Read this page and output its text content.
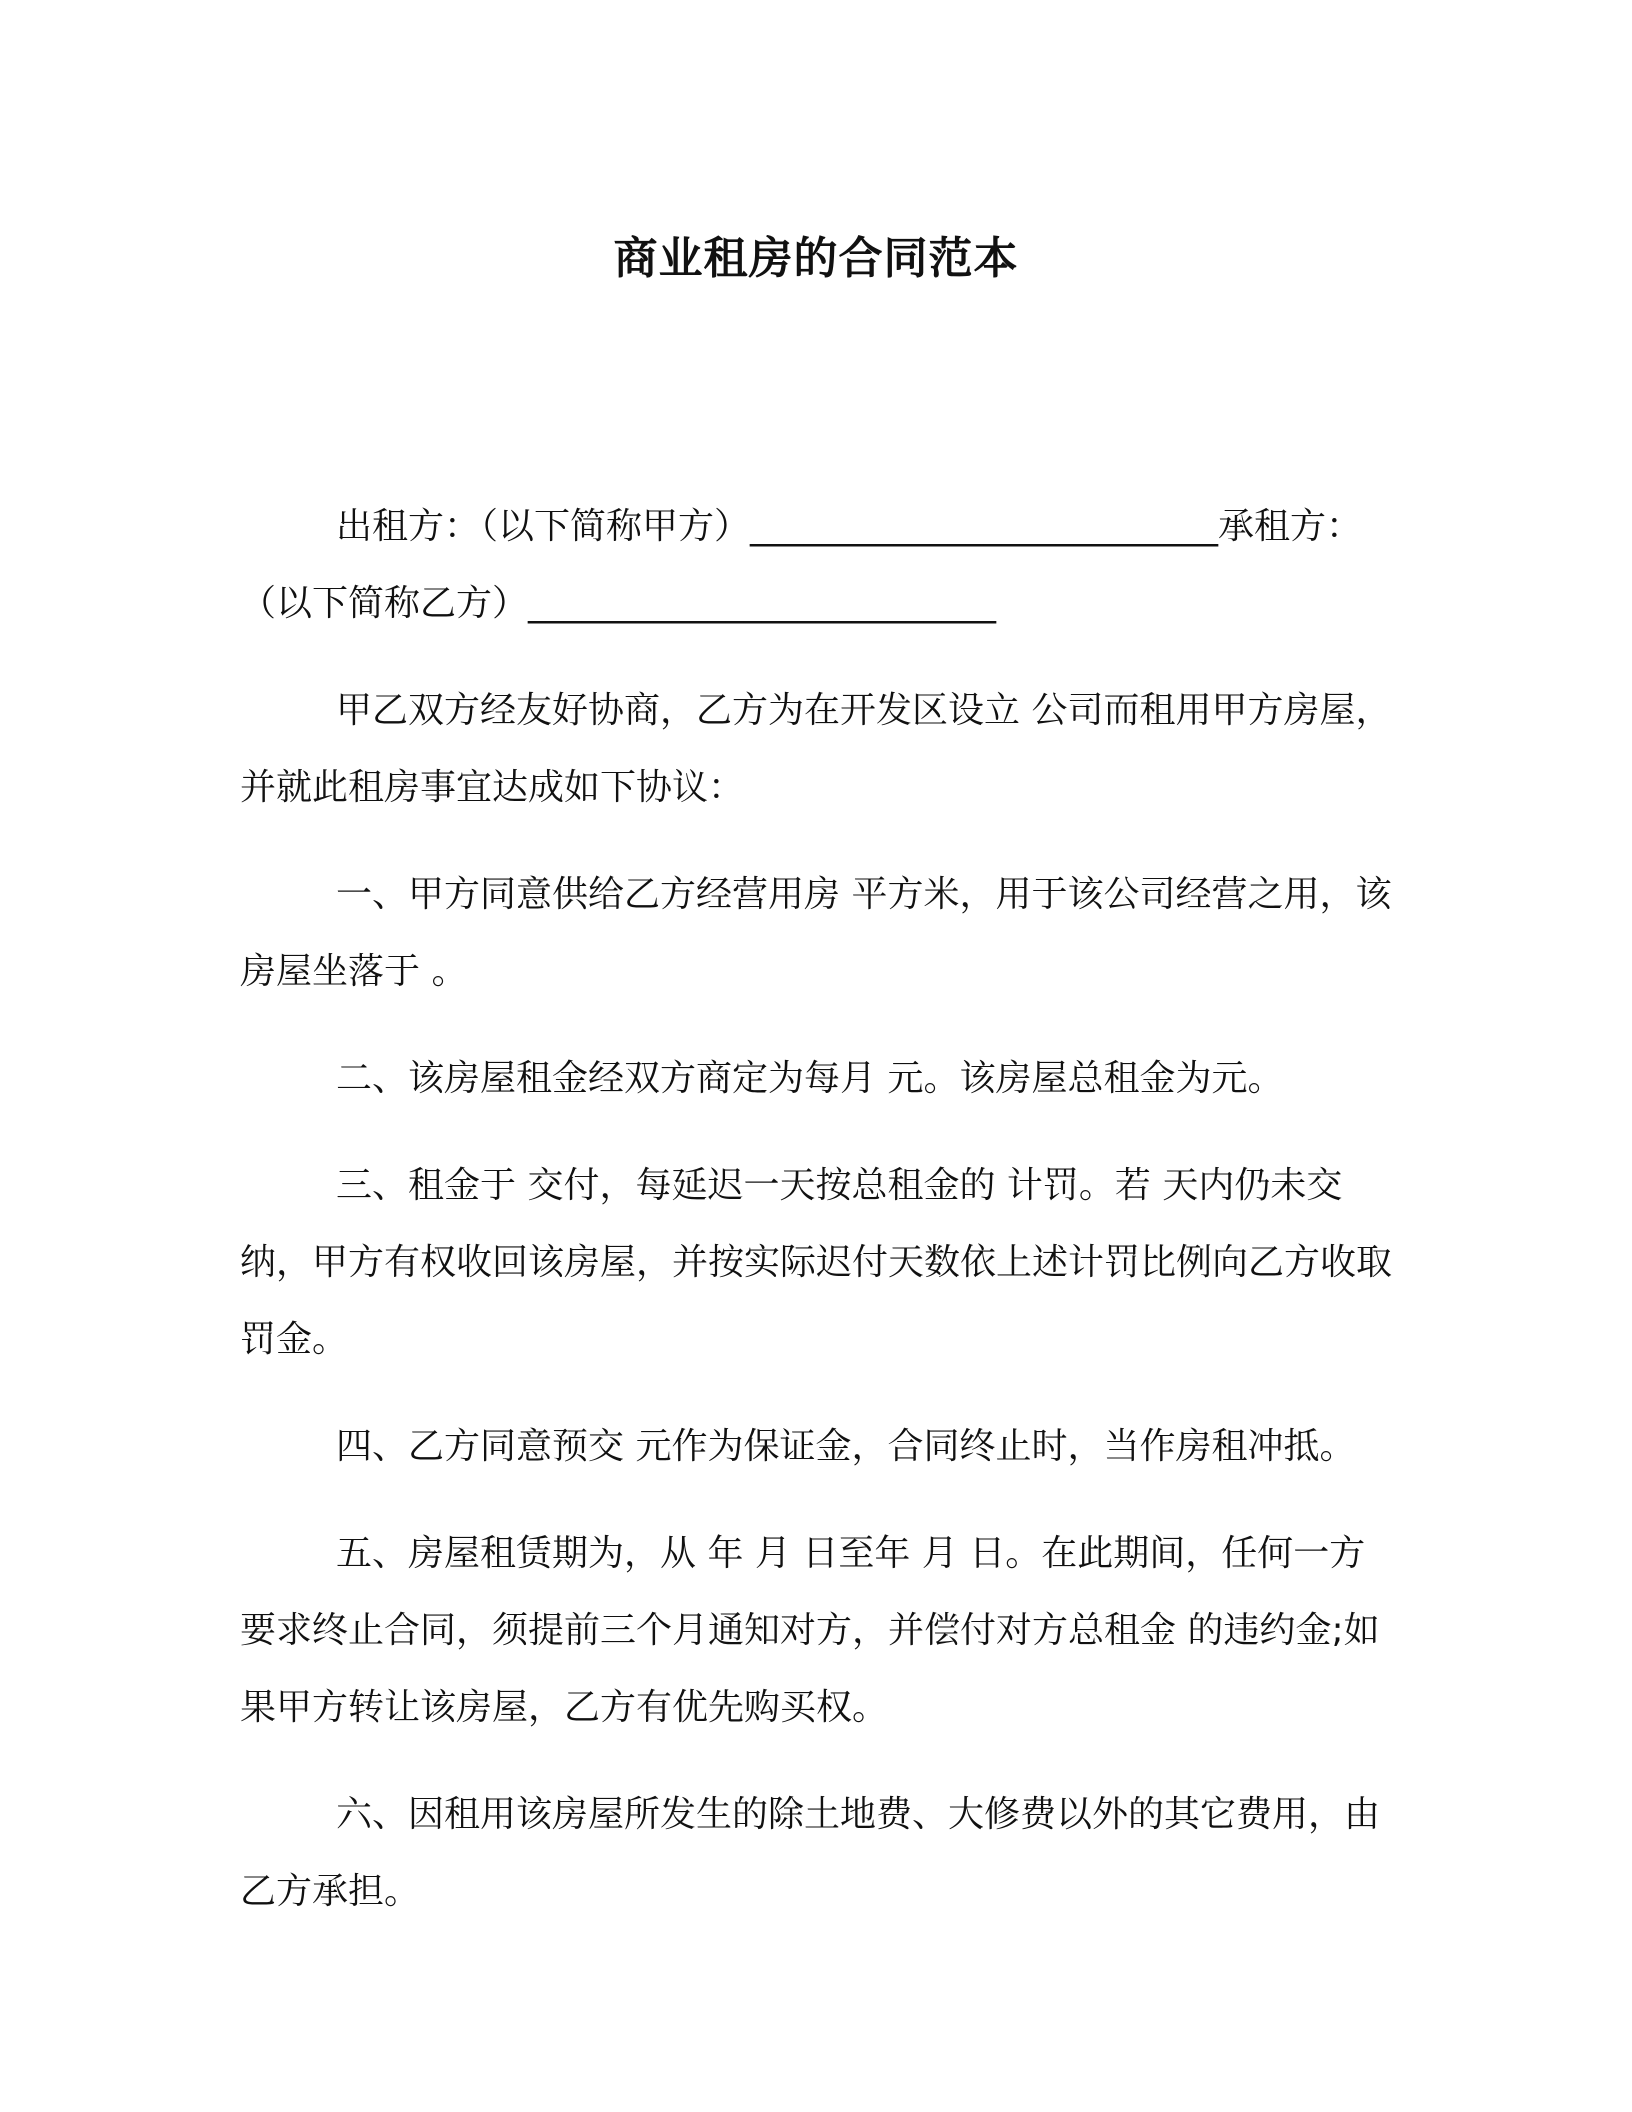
商业租房的合同范本

出租方：（以下简称甲方）__________________________承租方：（以下简称乙方）__________________________

甲乙双方经友好协商，乙方为在开发区设立 公司而租用甲方房屋，并就此租房事宜达成如下协议：

一、甲方同意供给乙方经营用房 平方米，用于该公司经营之用，该房屋坐落于 。

二、该房屋租金经双方商定为每月 元。该房屋总租金为元。

三、租金于 交付，每延迟一天按总租金的 计罚。若 天内仍未交纳，甲方有权收回该房屋，并按实际迟付天数依上述计罚比例向乙方收取罚金。

四、乙方同意预交 元作为保证金，合同终止时，当作房租冲抵。

五、房屋租赁期为，从 年 月 日至年 月 日。在此期间，任何一方要求终止合同，须提前三个月通知对方，并偿付对方总租金 的违约金;如果甲方转让该房屋，乙方有优先购买权。

六、因租用该房屋所发生的除土地费、大修费以外的其它费用，由乙方承担。
